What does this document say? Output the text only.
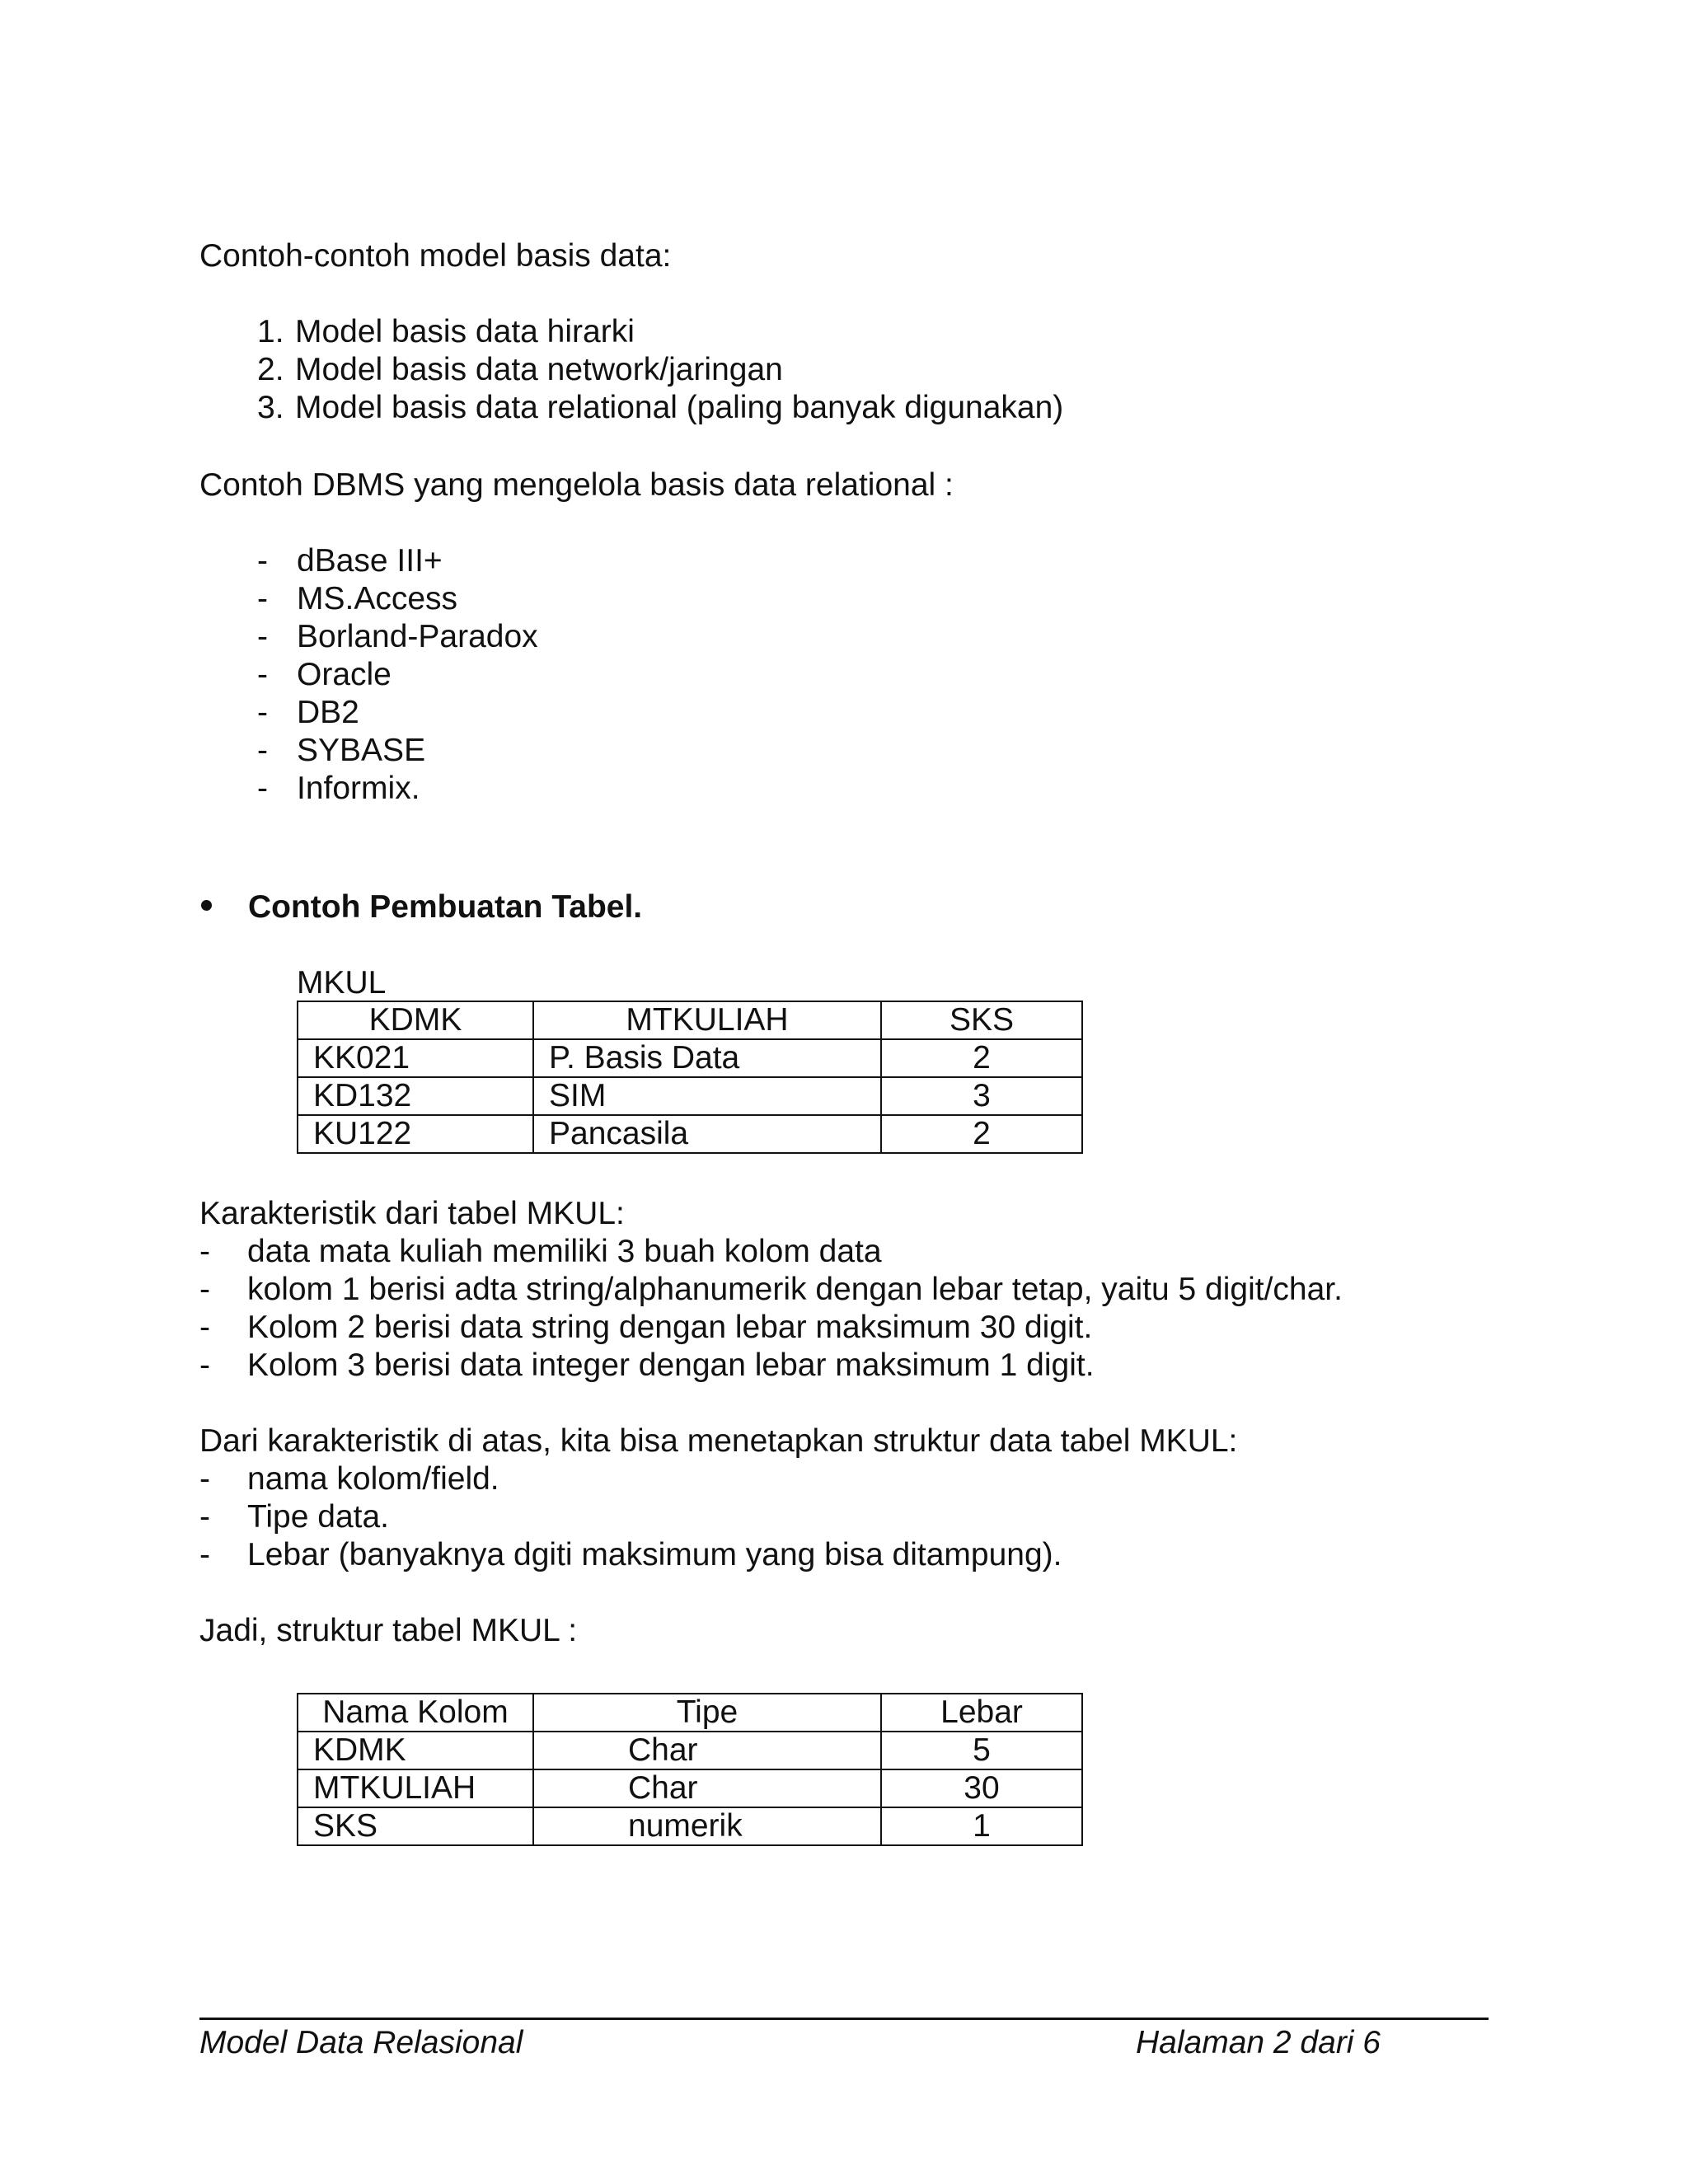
Contoh-contoh model basis data:
1. Model basis data hirarki
2. Model basis data network/jaringan
3. Model basis data relational (paling banyak digunakan)
Contoh DBMS yang mengelola basis data relational :
- dBase III+
- MS.Access
- Borland-Paradox
- Oracle
- DB2
- SYBASE
- Informix.
Contoh Pembuatan Tabel.
MKUL
KDMK	MTKULIAH	SKS
KK021	P. Basis Data	2
KD132	SIM	3
KU122	Pancasila	2
Karakteristik dari tabel MKUL:
- data mata kuliah memiliki 3 buah kolom data
- kolom 1 berisi adta string/alphanumerik dengan lebar tetap, yaitu 5 digit/char.
- Kolom 2 berisi data string dengan lebar maksimum 30 digit.
- Kolom 3 berisi data integer dengan lebar maksimum 1 digit.
Dari karakteristik di atas, kita bisa menetapkan struktur data tabel MKUL:
- nama kolom/field.
- Tipe data.
- Lebar (banyaknya dgiti maksimum yang bisa ditampung).
Jadi, struktur tabel MKUL :
Nama Kolom	Tipe	Lebar
KDMK	Char	5
MTKULIAH	Char	30
SKS	numerik	1
Model Data Relasional	Halaman 2 dari 6
